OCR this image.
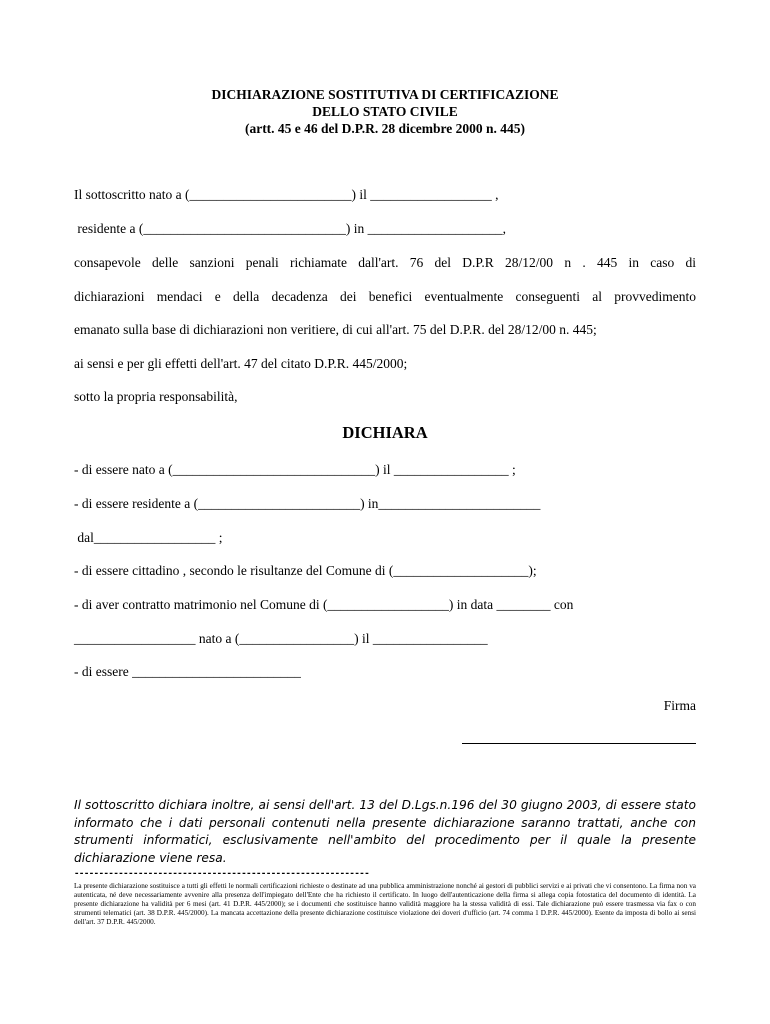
DICHIARAZIONE SOSTITUTIVA DI CERTIFICAZIONE
DELLO STATO CIVILE
(artt. 45 e 46 del D.P.R. 28 dicembre 2000 n. 445)
Il sottoscritto nato a (________________________) il __________________ ,
residente a (______________________________) in ____________________,
consapevole delle sanzioni penali richiamate dall'art. 76 del D.P.R 28/12/00 n . 445 in caso di
dichiarazioni mendaci e della decadenza dei benefici eventualmente conseguenti al provvedimento
emanato sulla base di dichiarazioni non veritiere, di cui all'art. 75 del D.P.R. del 28/12/00 n. 445;
ai sensi e per gli effetti dell'art. 47 del citato D.P.R. 445/2000;
sotto la propria responsabilità,
DICHIARA
- di essere nato a (______________________________) il _________________ ;
- di essere residente a (________________________) in________________________
dal__________________ ;
- di essere cittadino , secondo le risultanze del Comune di (____________________);
- di aver contratto matrimonio nel Comune di (__________________) in data ________ con
__________________ nato a (_________________) il _________________
- di essere _________________________
Firma
Il sottoscritto dichiara inoltre, ai sensi dell'art. 13 del D.Lgs.n.196 del 30 giugno 2003, di essere stato informato che i dati personali contenuti nella presente dichiarazione saranno trattati, anche con strumenti informatici, esclusivamente nell'ambito del procedimento per il quale la presente dichiarazione viene resa.
------------------------------------------------------------
La presente dichiarazione sostituisce a tutti gli effetti le normali certificazioni richieste o destinate ad una pubblica amministrazione nonché ai gestori di pubblici servizi e ai privati che vi consentono. La firma non va autenticata, né deve necessariamente avvenire alla presenza dell'impiegato dell'Ente che ha richiesto il certificato. In luogo dell'autenticazione della firma si allega copia fotostatica del documento di identità. La presente dichiarazione ha validità per 6 mesi (art. 41 D.P.R. 445/2000); se i documenti che sostituisce hanno validità maggiore ha la stessa validità di essi. Tale dichiarazione può essere trasmessa via fax o con strumenti telematici (art. 38 D.P.R. 445/2000). La mancata accettazione della presente dichiarazione costituisce violazione dei doveri d'ufficio (art. 74 comma 1 D.P.R. 445/2000). Esente da imposta di bollo ai sensi dell'art. 37 D.P.R. 445/2000.
